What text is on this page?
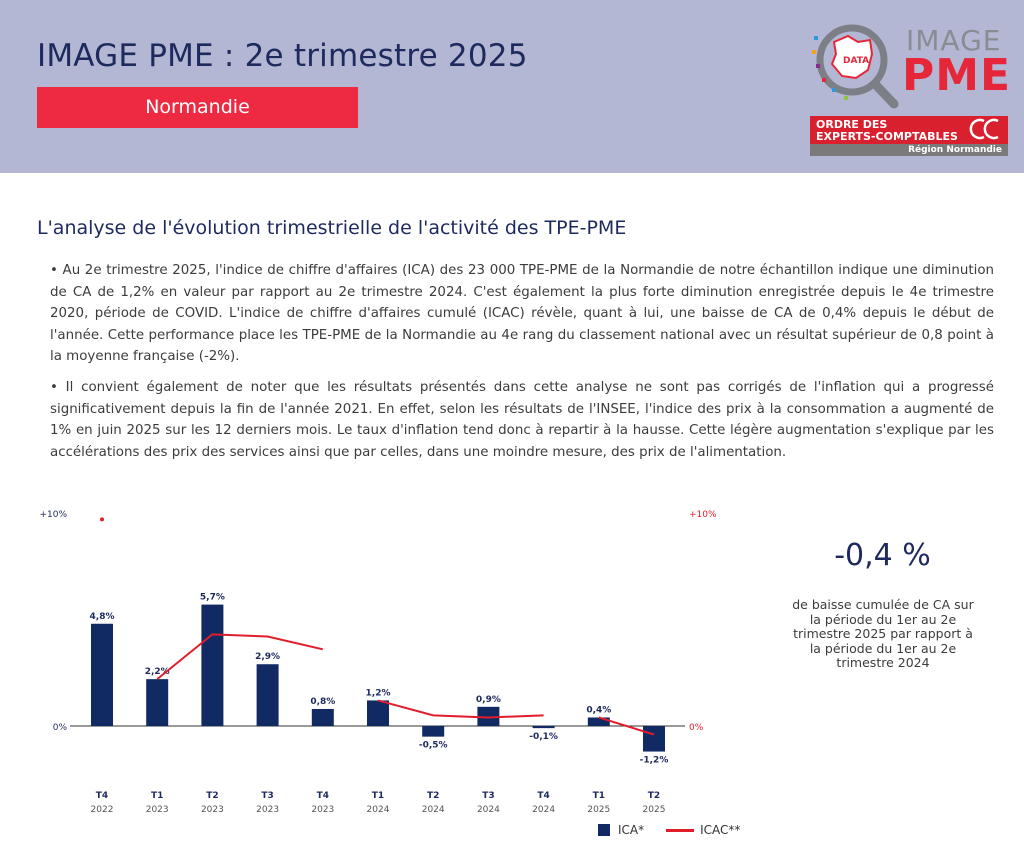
IMAGE PME : 2e trimestre 2025
Normandie
DATA
IMAGE
PME
ORDRE DES
EXPERTS-COMPTABLES
Région Normandie
L'analyse de l'évolution trimestrielle de l'activité des TPE-PME
• Au 2e trimestre 2025, l'indice de chiffre d'affaires (ICA) des 23 000 TPE-PME de la Normandie de notre échantillon indique une diminution de CA de 1,2% en valeur par rapport au 2e trimestre 2024. C'est également la plus forte diminution enregistrée depuis le 4e trimestre 2020, période de COVID. L'indice de chiffre d'affaires cumulé (ICAC) révèle, quant à lui, une baisse de CA de 0,4% depuis le début de l'année. Cette performance place les TPE-PME de la Normandie au 4e rang du classement national avec un résultat supérieur de 0,8 point à la moyenne française (-2%).
• Il convient également de noter que les résultats présentés dans cette analyse ne sont pas corrigés de l'inflation qui a progressé significativement depuis la fin de l'année 2021. En effet, selon les résultats de l'INSEE, l'indice des prix à la consommation a augmenté de 1% en juin 2025 sur les 12 derniers mois. Le taux d'inflation tend donc à repartir à la hausse. Cette légère augmentation s'explique par les accélérations des prix des services ainsi que par celles, dans une moindre mesure, des prix de l'alimentation.
+10%
0%
+10%
0%
4,8%
T4
2022
2,2%
T1
2023
5,7%
T2
2023
2,9%
T3
2023
0,8%
T4
2023
1,2%
T1
2024
-0,5%
T2
2024
0,9%
T3
2024
-0,1%
T4
2024
0,4%
T1
2025
-1,2%
T2
2025
ICA*	ICAC**
-0,4 %
de baisse cumulée de CA sur la période du 1er au 2e trimestre 2025 par rapport à la période du 1er au 2e trimestre 2024
